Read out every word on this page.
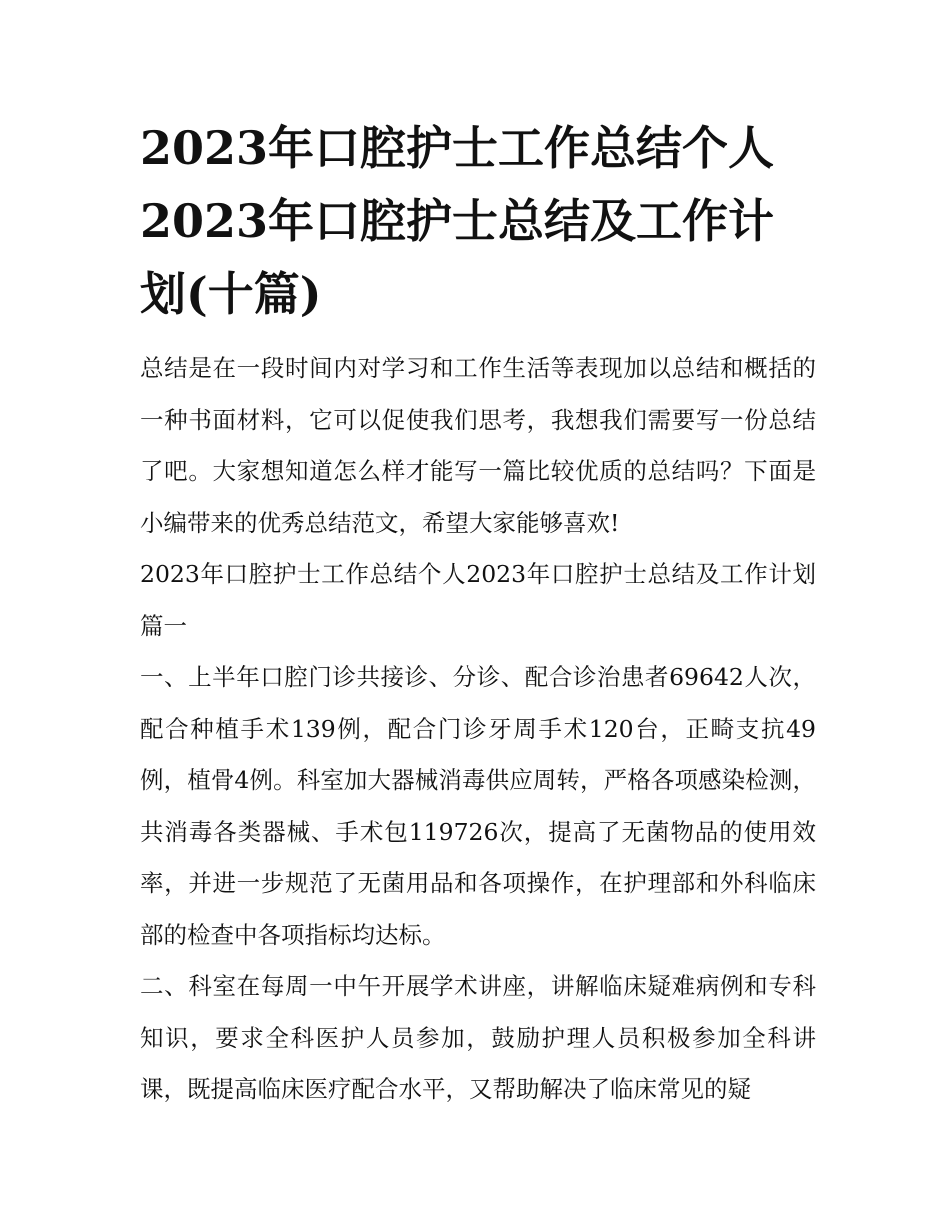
2023年口腔护士工作总结个人2023年口腔护士总结及工作计划(十篇)

总结是在一段时间内对学习和工作生活等表现加以总结和概括的一种书面材料，它可以促使我们思考，我想我们需要写一份总结了吧。大家想知道怎么样才能写一篇比较优质的总结吗？下面是小编带来的优秀总结范文，希望大家能够喜欢!

2023年口腔护士工作总结个人2023年口腔护士总结及工作计划篇一

一、上半年口腔门诊共接诊、分诊、配合诊治患者69642人次，配合种植手术139例，配合门诊牙周手术120台，正畸支抗49例，植骨4例。科室加大器械消毒供应周转，严格各项感染检测，共消毒各类器械、手术包119726次，提高了无菌物品的使用效率，并进一步规范了无菌用品和各项操作，在护理部和外科临床部的检查中各项指标均达标。

二、科室在每周一中午开展学术讲座，讲解临床疑难病例和专科知识，要求全科医护人员参加，鼓励护理人员积极参加全科讲课，既提高临床医疗配合水平，又帮助解决了临床常见的疑
